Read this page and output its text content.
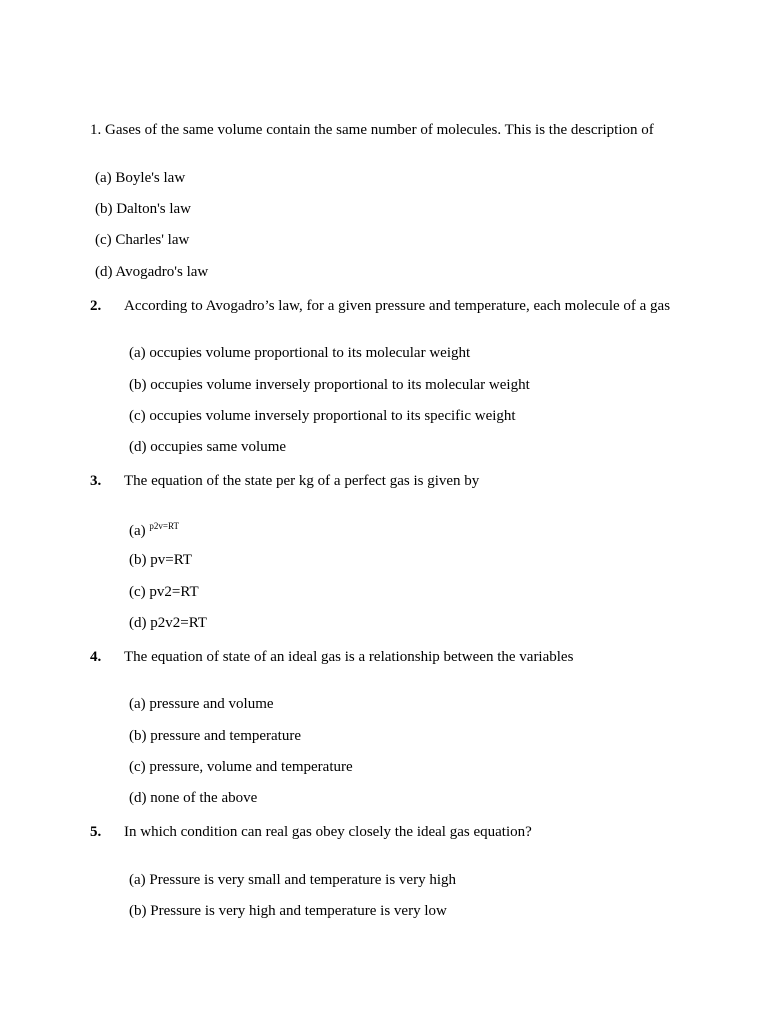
1. Gases of the same volume contain the same number of molecules. This is the description of
(a) Boyle's law
(b) Dalton's law
(c) Charles' law
(d) Avogadro's law
2. According to Avogadro’s law, for a given pressure and temperature, each molecule of a gas
(a) occupies volume proportional to its molecular weight
(b) occupies volume inversely proportional to its molecular weight
(c) occupies volume inversely proportional to its specific weight
(d) occupies same volume
3. The equation of the state per kg of a perfect gas is given by
(a) $^{p2v=RT}$
(b) pv=RT
(c) pv2=RT
(d) p2v2=RT
4. The equation of state of an ideal gas is a relationship between the variables
(a) pressure and volume
(b) pressure and temperature
(c) pressure, volume and temperature
(d) none of the above
5. In which condition can real gas obey closely the ideal gas equation?
(a) Pressure is very small and temperature is very high
(b) Pressure is very high and temperature is very low
